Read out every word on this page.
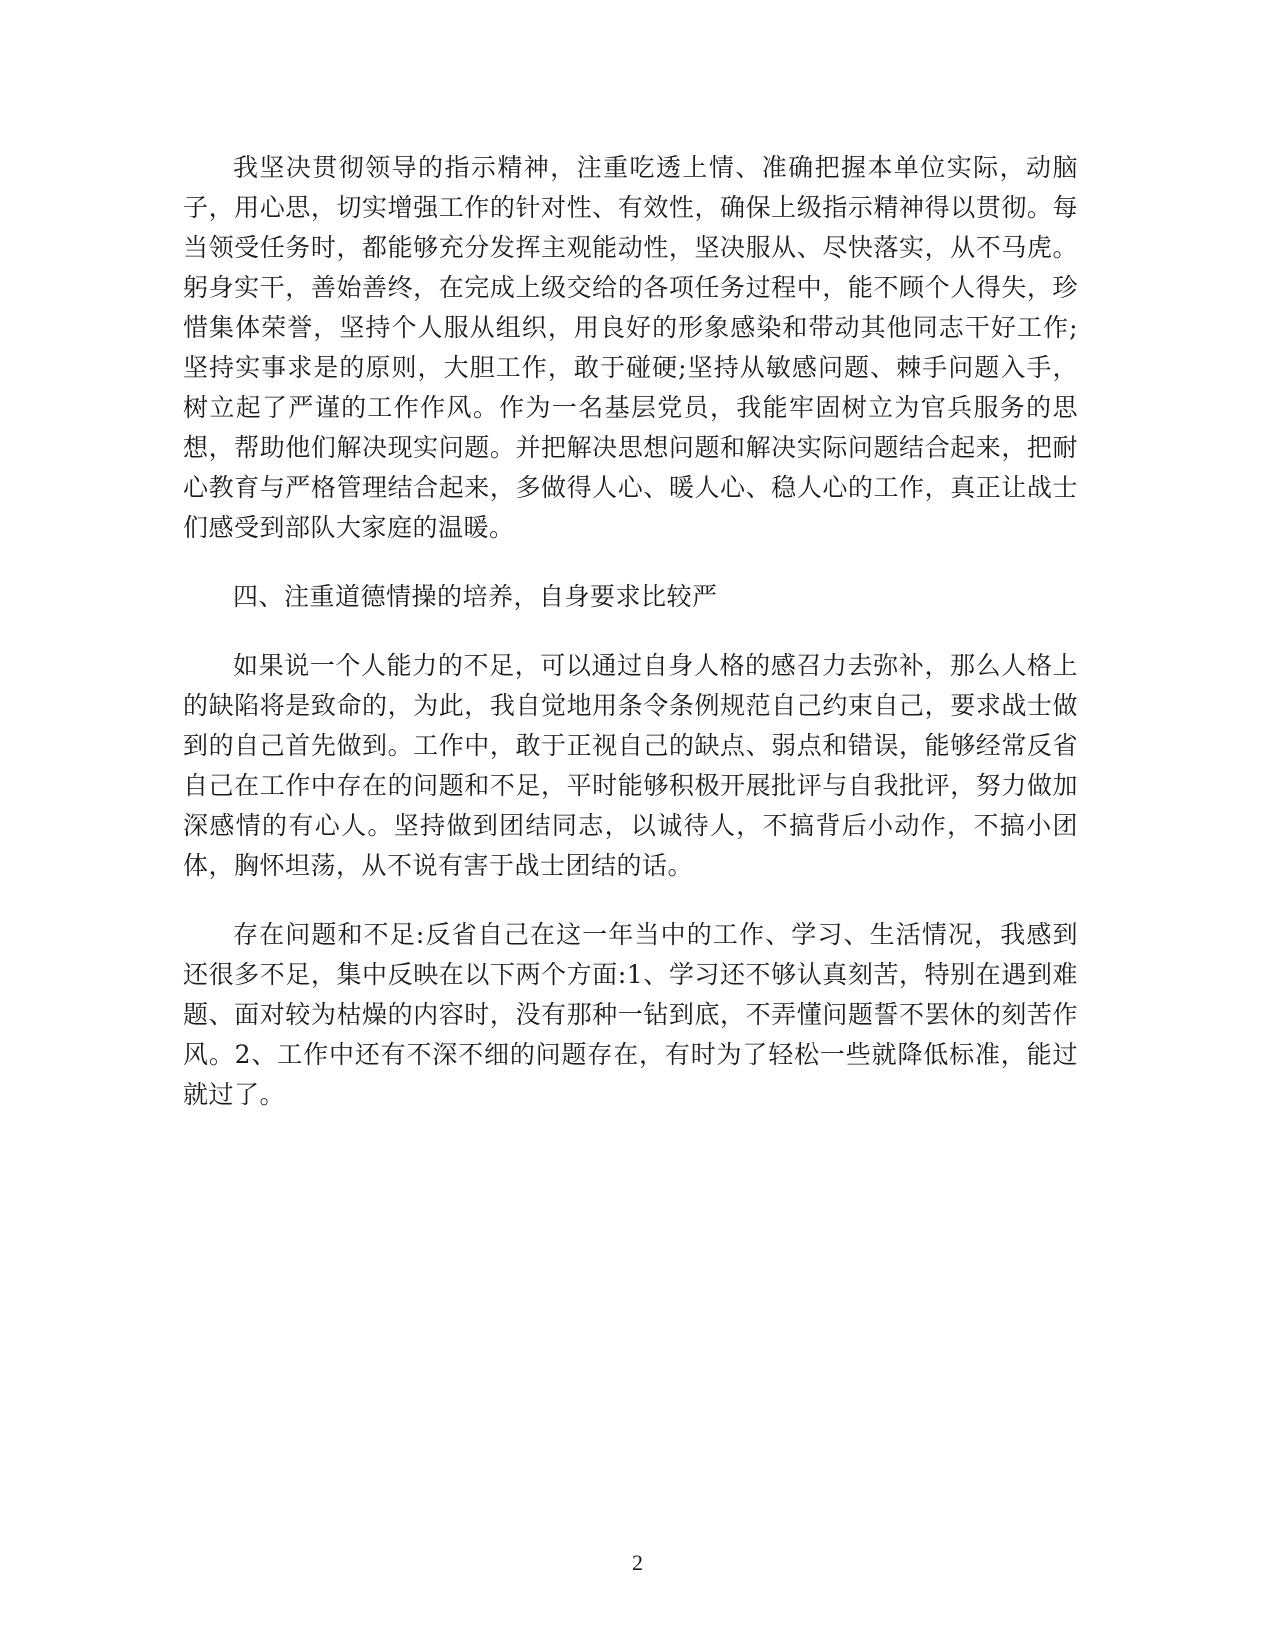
我坚决贯彻领导的指示精神，注重吃透上情、准确把握本单位实际，动脑子，用心思，切实增强工作的针对性、有效性，确保上级指示精神得以贯彻。每当领受任务时，都能够充分发挥主观能动性，坚决服从、尽快落实，从不马虎。躬身实干，善始善终，在完成上级交给的各项任务过程中，能不顾个人得失，珍惜集体荣誉，坚持个人服从组织，用良好的形象感染和带动其他同志干好工作;坚持实事求是的原则，大胆工作，敢于碰硬;坚持从敏感问题、棘手问题入手，树立起了严谨的工作作风。作为一名基层党员，我能牢固树立为官兵服务的思想，帮助他们解决现实问题。并把解决思想问题和解决实际问题结合起来，把耐心教育与严格管理结合起来，多做得人心、暖人心、稳人心的工作，真正让战士们感受到部队大家庭的温暖。

四、注重道德情操的培养，自身要求比较严

如果说一个人能力的不足，可以通过自身人格的感召力去弥补，那么人格上的缺陷将是致命的，为此，我自觉地用条令条例规范自己约束自己，要求战士做到的自己首先做到。工作中，敢于正视自己的缺点、弱点和错误，能够经常反省自己在工作中存在的问题和不足，平时能够积极开展批评与自我批评，努力做加深感情的有心人。坚持做到团结同志，以诚待人，不搞背后小动作，不搞小团体，胸怀坦荡，从不说有害于战士团结的话。

存在问题和不足:反省自己在这一年当中的工作、学习、生活情况，我感到还很多不足，集中反映在以下两个方面:1、学习还不够认真刻苦，特别在遇到难题、面对较为枯燥的内容时，没有那种一钻到底，不弄懂问题誓不罢休的刻苦作风。2、工作中还有不深不细的问题存在，有时为了轻松一些就降低标准，能过就过了。

2
